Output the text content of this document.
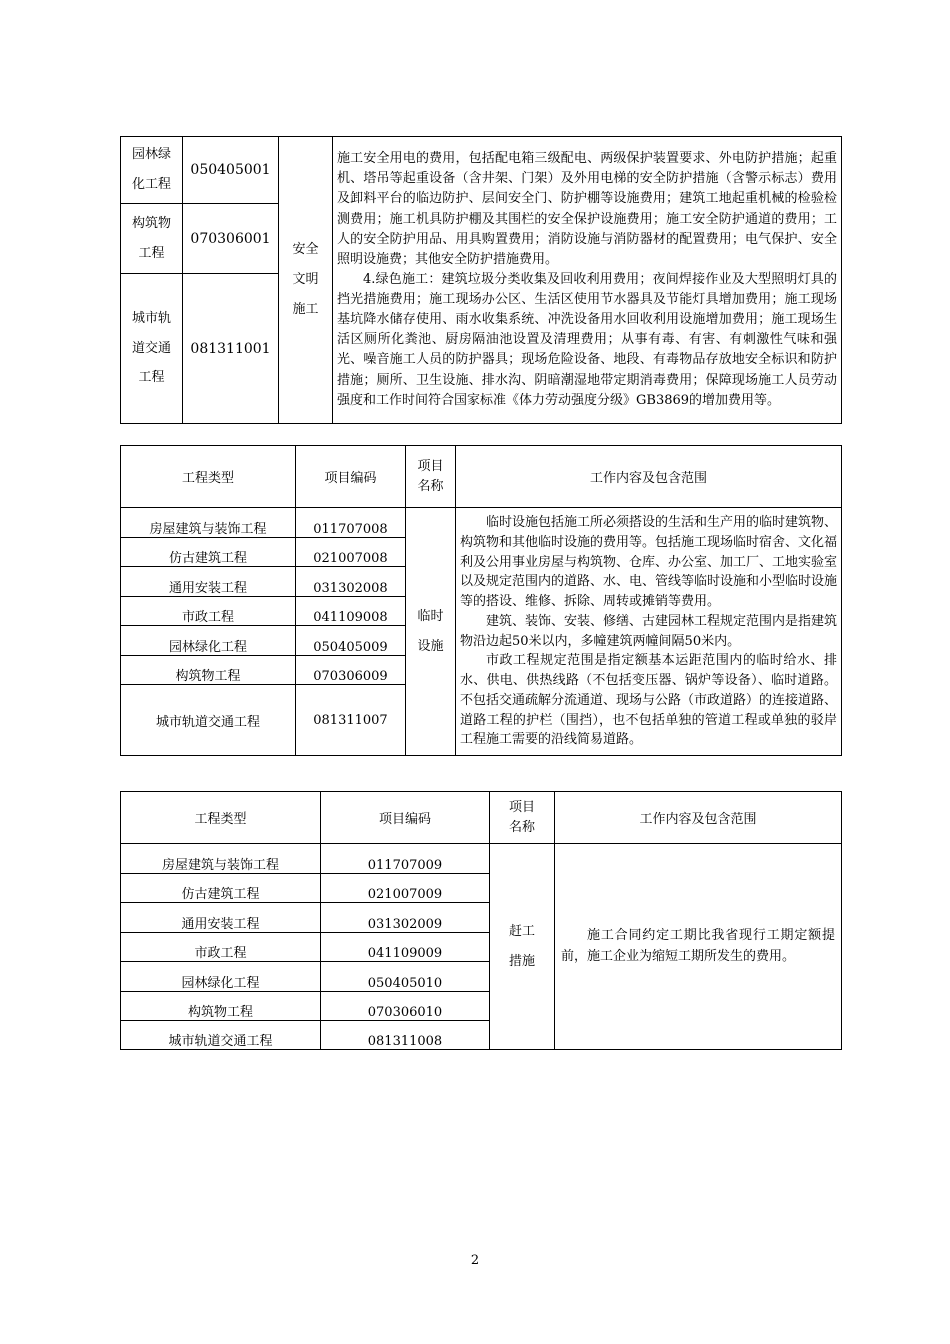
园林绿化工程	050405001	安全文明施工	施工安全用电的费用，包括配电箱三级配电、两级保护装置要求、外电防护措施；起重机、塔吊等起重设备（含井架、门架）及外用电梯的安全防护措施（含警示标志）费用及卸料平台的临边防护、层间安全门、防护棚等设施费用；建筑工地起重机械的检验检测费用；施工机具防护棚及其围栏的安全保护设施费用；施工安全防护通道的费用；工人的安全防护用品、用具购置费用；消防设施与消防器材的配置费用；电气保护、安全照明设施费；其他安全防护措施费用。

4.绿色施工：建筑垃圾分类收集及回收利用费用；夜间焊接作业及大型照明灯具的挡光措施费用；施工现场办公区、生活区使用节水器具及节能灯具增加费用；施工现场基坑降水储存使用、雨水收集系统、冲洗设备用水回收利用设施增加费用；施工现场生活区厕所化粪池、厨房隔油池设置及清理费用；从事有毒、有害、有刺激性气味和强光、噪音施工人员的防护器具；现场危险设备、地段、有毒物品存放地安全标识和防护措施；厕所、卫生设施、排水沟、阴暗潮湿地带定期消毒费用；保障现场施工人员劳动强度和工作时间符合国家标准《体力劳动强度分级》GB3869的增加费用等。

构筑物工程	070306001		
城市轨道交通工程	081311001		
工程类型	项目编码	项目名称	工作内容及包含范围
房屋建筑与装饰工程	011707008	临时设施	临时设施包括施工所必须搭设的生活和生产用的临时建筑物、构筑物和其他临时设施的费用等。包括施工现场临时宿舍、文化福利及公用事业房屋与构筑物、仓库、办公室、加工厂、工地实验室以及规定范围内的道路、水、电、管线等临时设施和小型临时设施等的搭设、维修、拆除、周转或摊销等费用。

建筑、装饰、安装、修缮、古建园林工程规定范围内是指建筑物沿边起50米以内，多幢建筑两幢间隔50米内。

市政工程规定范围是指定额基本运距范围内的临时给水、排水、供电、供热线路（不包括变压器、锅炉等设备）、临时道路。不包括交通疏解分流通道、现场与公路（市政道路）的连接道路、道路工程的护栏（围挡），也不包括单独的管道工程或单独的驳岸工程施工需要的沿线简易道路。

仿古建筑工程	021007008		
通用安装工程	031302008		
市政工程	041109008		
园林绿化工程	050405009		
构筑物工程	070306009		
城市轨道交通工程	081311007		
工程类型	项目编码	项目名称	工作内容及包含范围
房屋建筑与装饰工程	011707009	赶工措施	施工合同约定工期比我省现行工期定额提前，施工企业为缩短工期所发生的费用。

仿古建筑工程	021007009		
通用安装工程	031302009		
市政工程	041109009		
园林绿化工程	050405010		
构筑物工程	070306010		
城市轨道交通工程	081311008		
2
